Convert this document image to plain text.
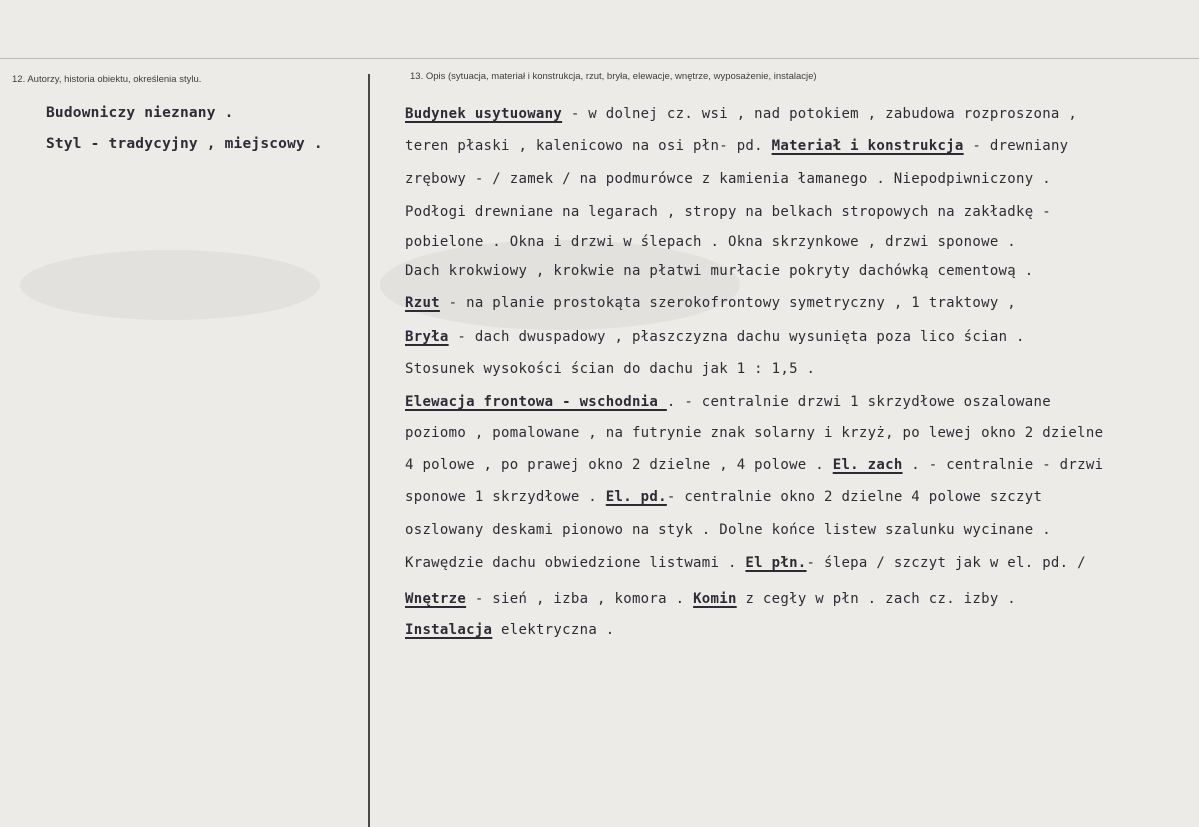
12. Autorzy, historia obiektu, określenia stylu.	13. Opis (sytuacja, materiał i konstrukcja, rzut, bryła, elewacje, wnętrze, wyposażenie, instalacje)
Budowniczy nieznany .
Styl - tradycyjny , miejscowy .
Budynek usytuowany - w dolnej cz. wsi , nad potokiem , zabudowa rozproszona ,
teren płaski , kalenicowo na osi płn- pd. Materiał i konstrukcja - drewniany
zrębowy - / zamek / na podmurówce z kamienia łamanego . Niepodpiwniczony .
Podłogi drewniane na legarach , stropy na belkach stropowych na zakładkę -
pobielone . Okna i drzwi w ślepach . Okna skrzynkowe , drzwi sponowe .
Dach krokwiowy , krokwie na płatwi murłacie pokryty dachówką cementową .
Rzut - na planie prostokąta szerokofrontowy symetryczny , 1 traktowy ,
Bryła - dach dwuspadowy , płaszczyzna dachu wysunięta poza lico ścian .
Stosunek wysokości ścian do dachu jak 1 : 1,5 .
Elewacja frontowa - wschodnia . - centralnie drzwi 1 skrzydłowe oszalowane
poziomo , pomalowane , na futrynie znak solarny i krzyż, po lewej okno 2 dzielne
4 polowe , po prawej okno 2 dzielne , 4 polowe . El. zach . - centralnie - drzwi
sponowe 1 skrzydłowe . El. pd.- centralnie okno 2 dzielne 4 polowe szczyt
oszlowany deskami pionowo na styk . Dolne końce listew szalunku wycinane .
Krawędzie dachu obwiedzione listwami . El płn.- ślepa / szczyt jak w el. pd. /
Wnętrze - sień , izba , komora . Komin z cegły w płn . zach cz. izby .
Instalacja elektryczna .
